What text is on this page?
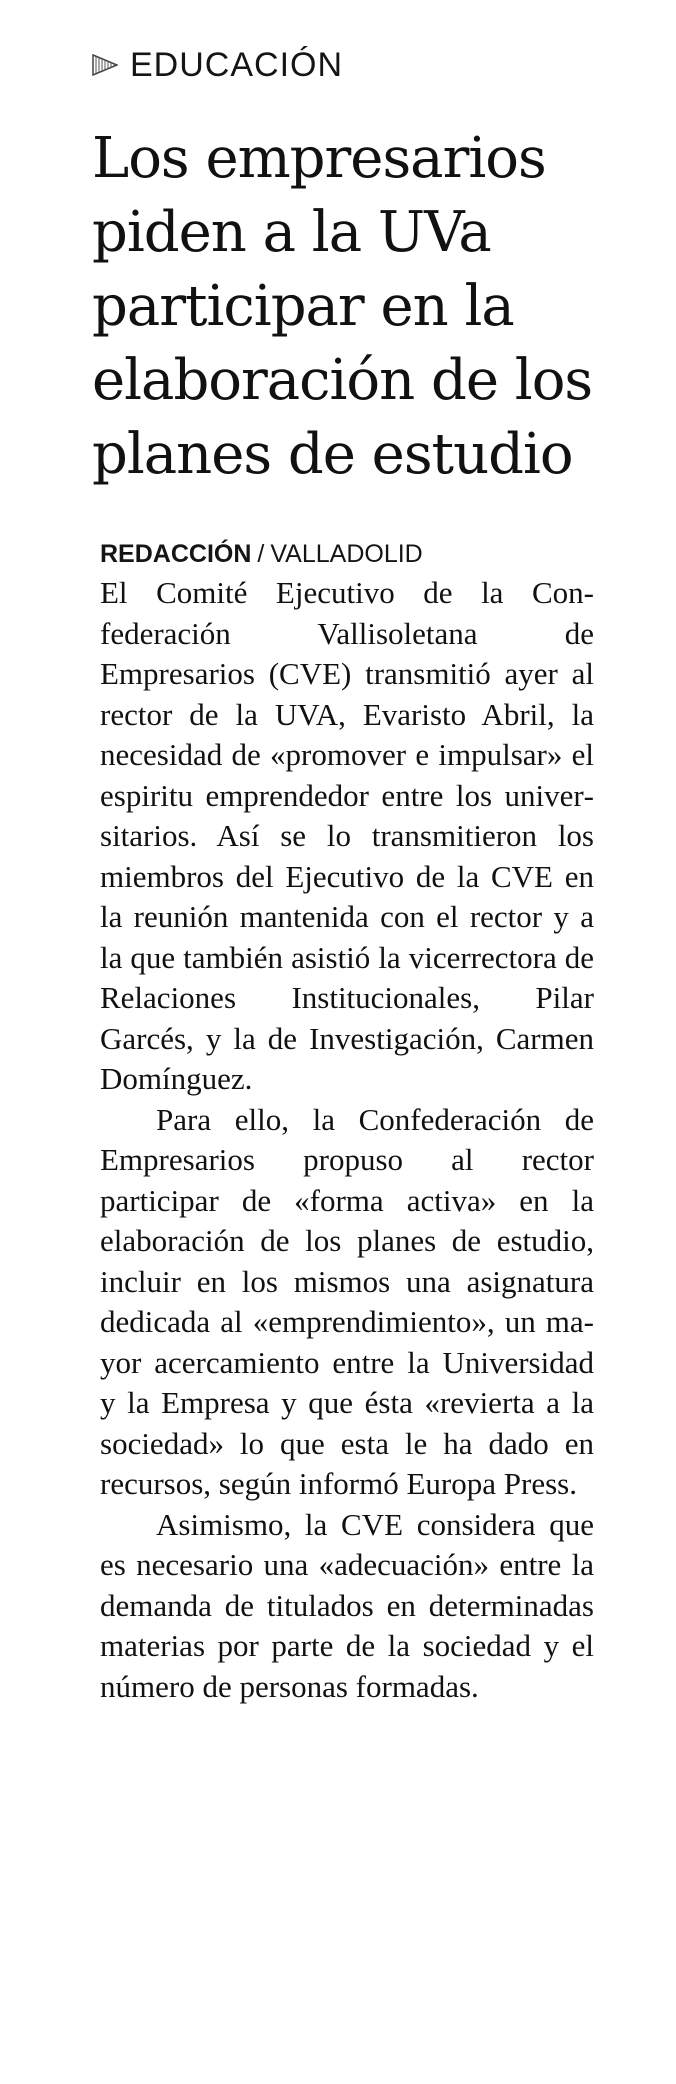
EDUCACIÓN
Los empresarios
piden a la UVa
participar en la
elaboración de los
planes de estudio
REDACCIÓN / VALLADOLID

El Comité Ejecutivo de la Confederación Vallisoletana de Empresarios (CVE) transmitió ayer al rector de la UVA, Evaristo Abril, la necesidad de «promover e impulsar» el espiritu emprendedor entre los universitarios. Así se lo transmitieron los miembros del Ejecutivo de la CVE en la reunión mantenida con el rector y a la que también asistió la vicerrectora de Relaciones Institucionales, Pilar Garcés, y la de Investigación, Carmen Domínguez.

Para ello, la Confederación de Empresarios propuso al rector participar de «forma activa» en la elaboración de los planes de estudio, incluir en los mismos una asignatura dedicada al «emprendimiento», un mayor acercamiento entre la Universidad y la Empresa y que ésta «revierta a la sociedad» lo que esta le ha dado en recursos, según informó Europa Press.

Asimismo, la CVE considera que es necesario una «adecuación» entre la demanda de titulados en determinadas materias por parte de la sociedad y el número de personas formadas.
